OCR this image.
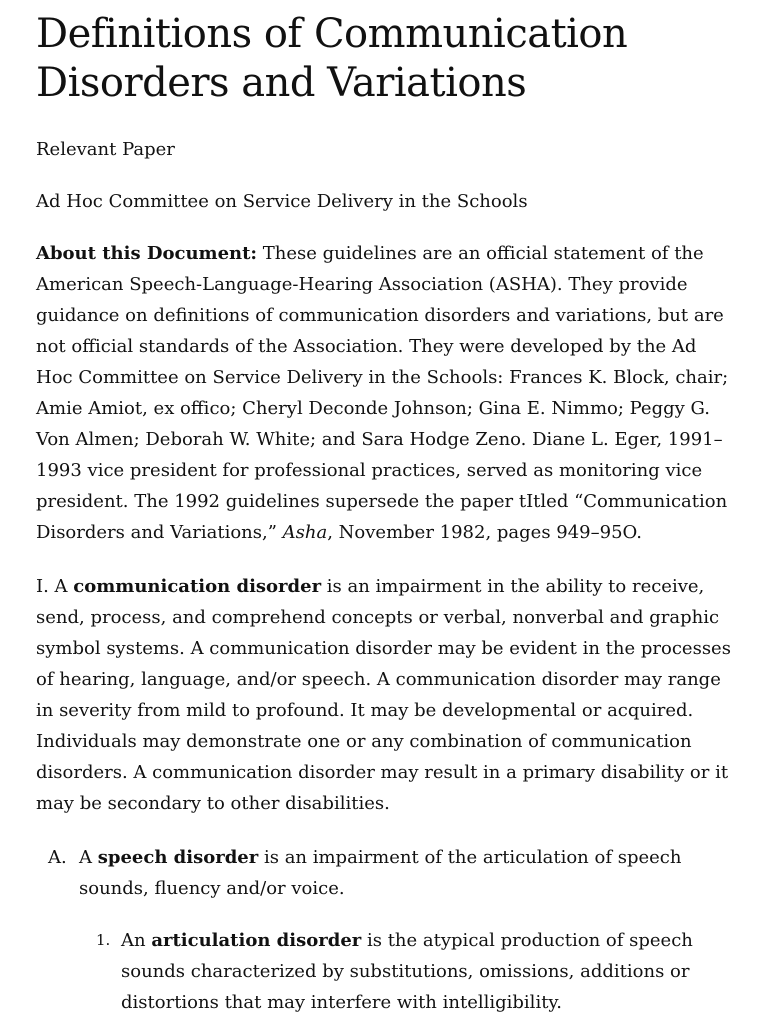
Definitions of Communication Disorders and Variations

Relevant Paper

Ad Hoc Committee on Service Delivery in the Schools

About this Document: These guidelines are an official statement of the American Speech-Language-Hearing Association (ASHA). They provide guidance on definitions of communication disorders and variations, but are not official standards of the Association. They were developed by the Ad Hoc Committee on Service Delivery in the Schools: Frances K. Block, chair; Amie Amiot, ex offico; Cheryl Deconde Johnson; Gina E. Nimmo; Peggy G. Von Almen; Deborah W. White; and Sara Hodge Zeno. Diane L. Eger, 1991–1993 vice president for professional practices, served as monitoring vice president. The 1992 guidelines supersede the paper tItled “Communication Disorders and Variations,” Asha, November 1982, pages 949–95O.

I. A communication disorder is an impairment in the ability to receive, send, process, and comprehend concepts or verbal, nonverbal and graphic symbol systems. A communication disorder may be evident in the processes of hearing, language, and/or speech. A communication disorder may range in severity from mild to profound. It may be developmental or acquired. Individuals may demonstrate one or any combination of communication disorders. A communication disorder may result in a primary disability or it may be secondary to other disabilities.

A. A speech disorder is an impairment of the articulation of speech sounds, fluency and/or voice.

1. An articulation disorder is the atypical production of speech sounds characterized by substitutions, omissions, additions or distortions that may interfere with intelligibility.
